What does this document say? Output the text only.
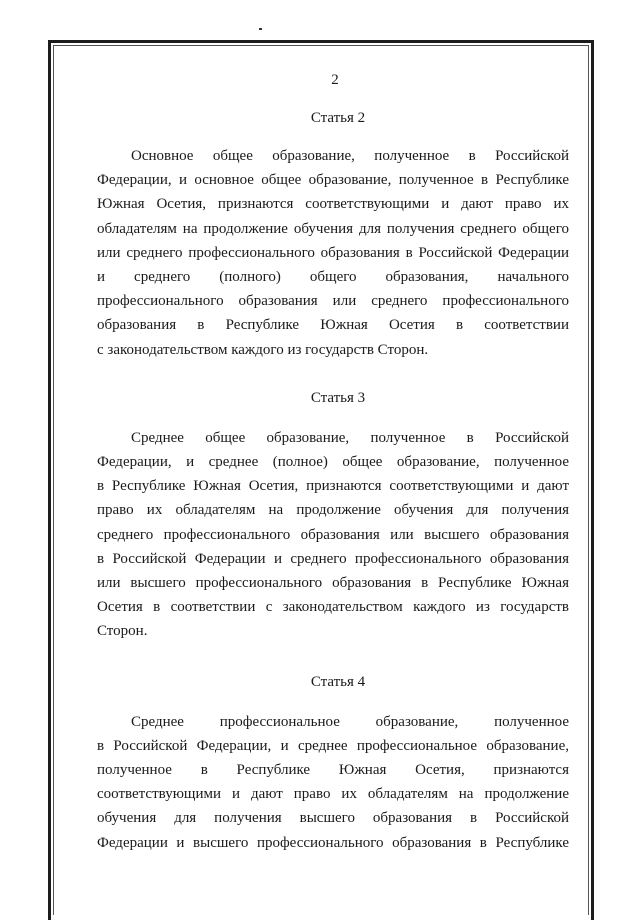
2
Статья 2
Основное общее образование, полученное в Российской
Федерации, и основное общее образование, полученное в Республике
Южная Осетия, признаются соответствующими и дают право их
обладателям на продолжение обучения для получения среднего общего
или среднего профессионального образования в Российской Федерации
и среднего (полного) общего образования, начального
профессионального образования или среднего профессионального
образования в Республике Южная Осетия в соответствии
с законодательством каждого из государств Сторон.
Статья 3
Среднее общее образование, полученное в Российской
Федерации, и среднее (полное) общее образование, полученное
в Республике Южная Осетия, признаются соответствующими и дают
право их обладателям на продолжение обучения для получения
среднего профессионального образования или высшего образования
в Российской Федерации и среднего профессионального образования
или высшего профессионального образования в Республике Южная
Осетия в соответствии с законодательством каждого из государств
Сторон.
Статья 4
Среднее профессиональное образование, полученное
в Российской Федерации, и среднее профессиональное образование,
полученное в Республике Южная Осетия, признаются
соответствующими и дают право их обладателям на продолжение
обучения для получения высшего образования в Российской
Федерации и высшего профессионального образования в Республике
